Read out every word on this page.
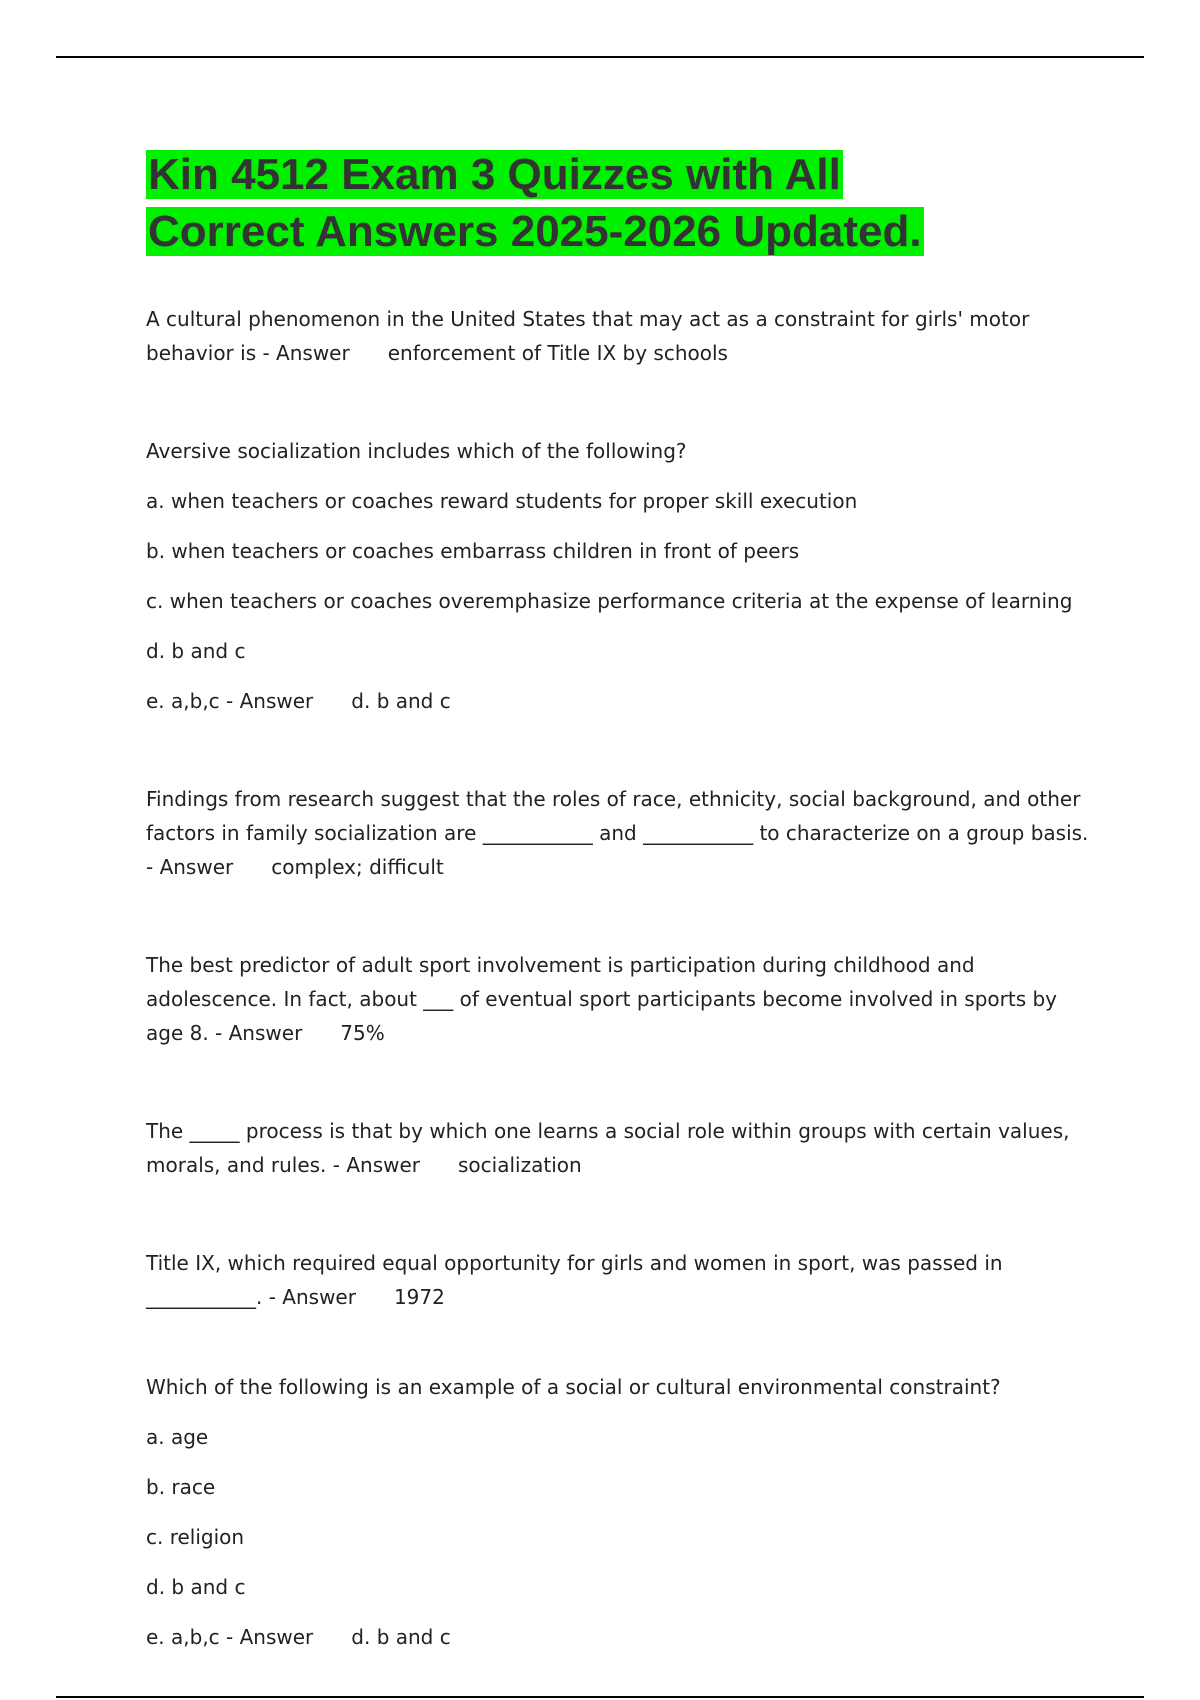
Kin 4512 Exam 3 Quizzes with All
Correct Answers 2025-2026 Updated.

A cultural phenomenon in the United States that may act as a constraint for girls' motor behavior is - Answer enforcement of Title IX by schools

Aversive socialization includes which of the following?

a. when teachers or coaches reward students for proper skill execution

b. when teachers or coaches embarrass children in front of peers

c. when teachers or coaches overemphasize performance criteria at the expense of learning

d. b and c

e. a,b,c - Answer d. b and c

Findings from research suggest that the roles of race, ethnicity, social background, and other factors in family socialization are ___________ and ___________ to characterize on a group basis. - Answer complex; difficult

The best predictor of adult sport involvement is participation during childhood and adolescence. In fact, about ___ of eventual sport participants become involved in sports by age 8. - Answer 75%

The _____ process is that by which one learns a social role within groups with certain values, morals, and rules. - Answer socialization

Title IX, which required equal opportunity for girls and women in sport, was passed in ___________. - Answer 1972

Which of the following is an example of a social or cultural environmental constraint?

a. age

b. race

c. religion

d. b and c

e. a,b,c - Answer d. b and c
